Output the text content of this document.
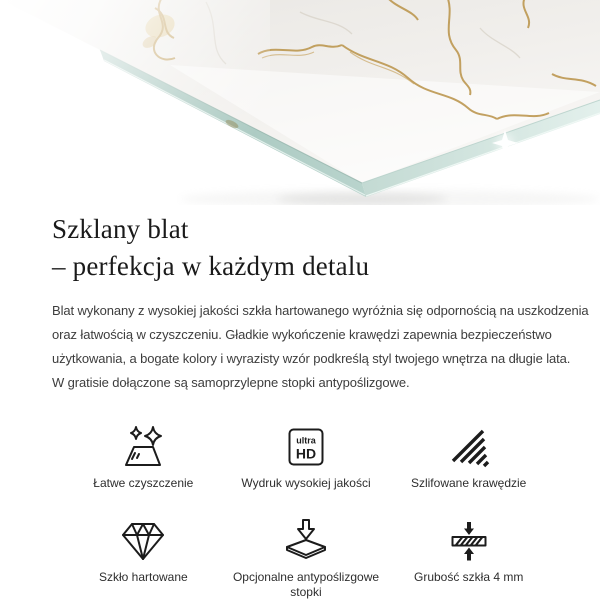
Szklany blat
– perfekcja w każdym detalu
Blat wykonany z wysokiej jakości szkła hartowanego wyróżnia się odpornością na uszkodzenia
oraz łatwością w czyszczeniu. Gładkie wykończenie krawędzi zapewnia bezpieczeństwo
użytkowania, a bogate kolory i wyrazisty wzór podkreślą styl twojego wnętrza na długie lata.
W gratisie dołączone są samoprzylepne stopki antypoślizgowe.
Łatwe czyszczenie
ultra
HD
Wydruk wysokiej jakości	Szlifowane krawędzie
Szkło hartowane	Opcjonalne antypoślizgowe stopki
Grubość szkła 4 mm
